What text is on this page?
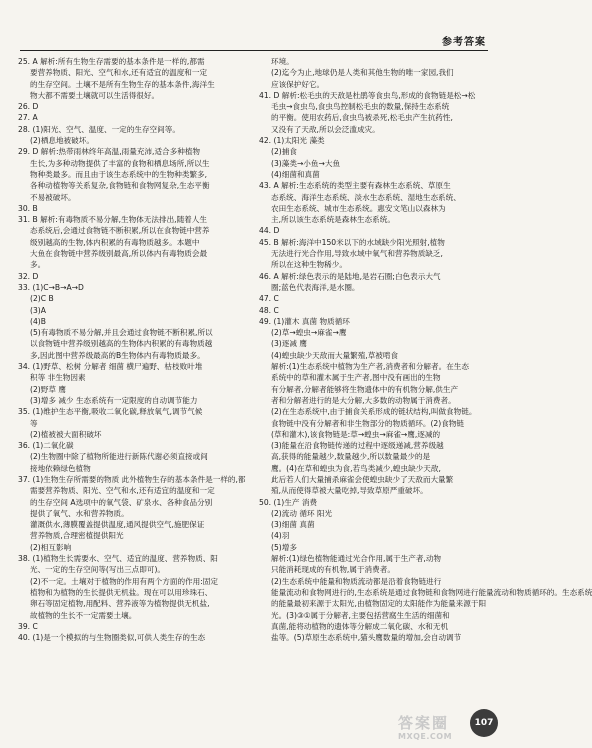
参考答案
25. A 解析:所有生物生存需要的基本条件是一样的,都需
要营养物质、阳光、空气和水,还有适宜的温度和一定
的生存空间。土壤不是所有生物生存的基本条件,海洋生
物大都不需要土壤就可以生活得很好。
26. D
27. A
28. (1)阳光、空气、温度、一定的生存空间等。
(2)栖息地被破坏。
29. D 解析:热带雨林终年高温,雨量充沛,适合多种植物
生长,为多种动物提供了丰富的食物和栖息场所,所以生
物种类最多。而且由于该生态系统中的生物种类繁多,
各种动植物等关系复杂,食物链和食物网复杂,生态平衡
不易被破坏。
30. B
31. B 解析:有毒物质不易分解,生物体无法排出,随着人生
态系统后,会通过食物链不断积累,所以在食物链中营养
级别越高的生物,体内积累的有毒物质越多。本题中
大鱼在食物链中营养级别最高,所以体内有毒物质会最
多。
32. D
33. (1)C→B→A→D
(2)C B
(3)A
(4)B
(5)有毒物质不易分解,并且会通过食物链不断积累,所以
以食物链中营养级别越高的生物体内积累的有毒物质越
多,因此图中营养级最高的B生物体内有毒物质最多。
34. (1)野草、松树 分解者 细菌 横尸遍野、枯枝败叶堆
积等 非生物因素
(2)野草 鹰
(3)增多 减少 生态系统有一定限度的自动调节能力
35. (1)维护生态平衡,吸收二氧化碳,释放氧气,调节气候
等
(2)植被被大面积破坏
36. (1)二氧化碳
(2)生物圈中除了植物所能进行新陈代谢必须直接或间
接地依赖绿色植物
37. (1)生物生存所需要的物质 此外植物生存的基本条件是一样的,都
需要营养物质、阳光、空气和水,还有适宜的温度和一定
的生存空间 A选项中的氧气袋、矿泉水、各种食品分别
提供了氧气、水和营养物质。
灌溉供水,薄膜覆盖提供温度,通风提供空气,施肥保证
营养物质,合理密植提供阳光
(2)相互影响
38. (1)植物生长需要水、空气、适宜的温度、营养物质、阳
光、一定的生存空间等(写出三点即可)。
(2)不一定。土壤对于植物的作用有两个方面的作用:固定
植物和为植物的生长提供无机盐。现在可以用珍珠石、
卵石等固定植物,用配料、营养液等为植物提供无机盐,
故植物的生长不一定需要土壤。
39. C
40. (1)是一个模拟的与生物圈类似,可供人类生存的生态
环境。
(2)迄今为止,地球仍是人类和其他生物的唯一家园,我们
应该保护好它。
41. D 解析:松毛虫的天敌是杜鹃等食虫鸟,形成的食物链是松→松
毛虫→食虫鸟,食虫鸟控制松毛虫的数量,保持生态系统
的平衡。使用农药后,食虫鸟被杀死,松毛虫产生抗药性,
又没有了天敌,所以会泛滥成灾。
42. (1)太阳光 藻类
(2)捕食
(3)藻类→小鱼→大鱼
(4)细菌和真菌
43. A 解析:生态系统的类型主要有森林生态系统、草原生
态系统、海洋生态系统、淡水生态系统、湿地生态系统、
农田生态系统、城市生态系统。惠安文笔山以森林为
主,所以该生态系统是森林生态系统。
44. D
45. B 解析:海洋中150米以下的水域缺少阳光照射,植物
无法进行光合作用,导致水域中氧气和营养物质缺乏,
所以在这种生物稀少。
46. A 解析:绿色表示的是陆地,是岩石圈;白色表示大气
圈;蓝色代表海洋,是水圈。
47. C
48. C
49. (1)灌木 真菌 物质循环
(2)草→蝗虫→麻雀→鹰
(3)逐减 鹰
(4)蝗虫缺少天敌而大量繁殖,草被啃食
解析:(1)生态系统中植物为生产者,消费者和分解者。在生态
系统中的草和灌木属于生产者,图中没有画出的生物
有分解者,分解者能够将生物遗体中的有机物分解,供生产
者和分解者进行的是大分解,大多数的动物属于消费者。
(2)在生态系统中,由于捕食关系形成的链状结构,叫做食物链。
食物链中没有分解者和非生物部分的物质循环。(2)食物链
(草和灌木),该食物链是:草→蝗虫→麻雀→鹰,逐减的
(3)能量在沿食物链传递的过程中逐级递减,营养级越
高,获得的能量越少,数量越少,所以数量最少的是
鹰。(4)在草和蝗虫为食,若鸟类减少,蝗虫缺少天敌,
此后若人们大量捕杀麻雀会使蝗虫缺少了天敌而大量繁
殖,从而使得草被大量吃掉,导致草原严重破坏。
50. (1)生产 消费
(2)流动 循环 阳光
(3)细菌 真菌
(4)羽
(5)增多
解析:(1)绿色植物能通过光合作用,属于生产者,动物
只能消耗现成的有机物,属于消费者。
(2)生态系统中能量和物质流动都是沿着食物链进行
能量流动和食物网进行的,生态系统是通过食物链和食物网进行能量流动和物质循环的。生态系统
的能量最初来源于太阳光,由植物固定的太阳能作为能量来源于阳
光。(3)③①属于分解者,主要包括营腐生生活的细菌和
真菌,能将动植物的遗体等分解成二氧化碳、水和无机
盐等。(5)草原生态系统中,猫头鹰数量的增加,会自动调节
答案圈
MXQE.COM
107
